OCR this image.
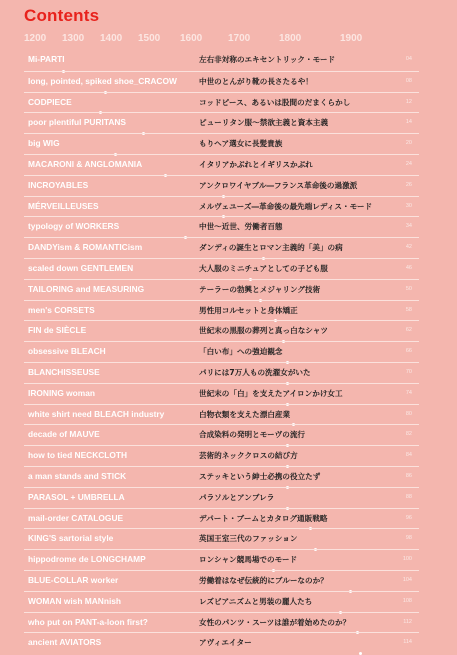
Contents
1200 1300 1400 1500 1600	1700	1800	1900
Mi-PARTI	左右非対称のエキセントリック・モード	04
long, pointed, spiked shoe_CRACOW	中世のとんがり靴の長さたるや！	08
CODPIECE	コッドピース、あるいは股間のだまくらかし	12
poor plentiful PURITANS	ピューリタン服～禁欲主義と資本主義	14
big WIG	もりヘア選女に長髪貴族	20
MACARONI & ANGLOMANIA	イタリアかぶれとイギリスかぶれ	24
INCROYABLES	アンクロワイヤブル―フランス革命後の過激派	26
MÉRVEILLEUSES	メルヴェユーズ―革命後の最先端レディス・モード	30
typology of WORKERS	中世～近世、労働者百態	34
DANDYism & ROMANTICism	ダンディの誕生とロマン主義的「美」の病	42
scaled down GENTLEMEN	大人服のミニチュアとしての子ども服	46
TAILORING and MEASURING	テーラーの勃興とメジャリング技術	50
men's CORSETS	男性用コルセットと身体矯正	58
FIN de SIÈCLE	世紀末の黒服の葬列と真っ白なシャツ	62
obsessive BLEACH	「白い布」への強迫観念	66
BLANCHISSEUSE	パリには7万人もの洗濯女がいた	70
IRONING woman	世紀末の「白」を支えたアイロンかけ女工	74
white shirt need BLEACH industry	白物衣類を支えた漂白産業	80
decade of MAUVE	合成染料の発明とモーヴの流行	82
how to tied NECKCLOTH	芸術的ネッククロスの結び方	84
a man stands and STICK	ステッキという紳士必携の役立たず	86
PARASOL + UMBRELLA	パラソルとアンブレラ	88
mail-order CATALOGUE	デパート・ブームとカタログ通販戦略	96
KING'S sartorial style	英国王室三代のファッション	98
hippodrome de LONGCHAMP	ロンシャン競馬場でのモード	100
BLUE-COLLAR worker	労働着はなぜ伝統的にブルーなのか？	104
WOMAN wish MANnish	レズビアニズムと男装の麗人たち	108
who put on PANT-a-loon first?	女性のパンツ・スーツは誰が着始めたのか？	112
ancient AVIATORS	アヴィエイター	114
